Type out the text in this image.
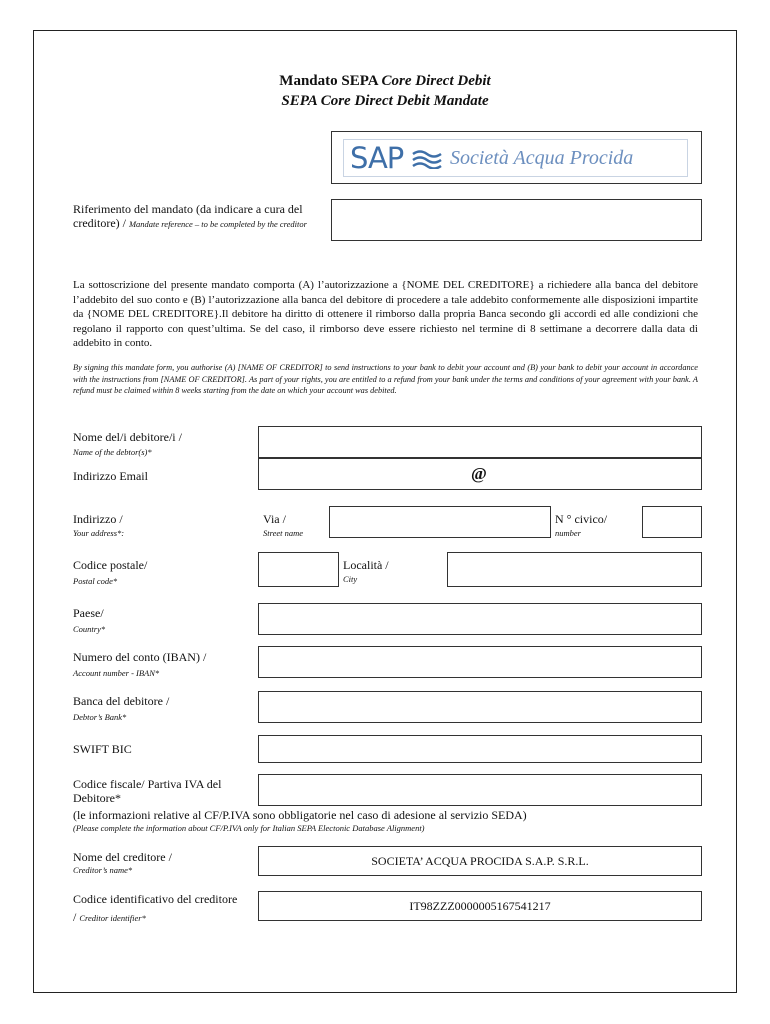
Mandato SEPA Core Direct Debit
SEPA Core Direct Debit Mandate
SAP Società Acqua Procida
Riferimento del mandato (da indicare a cura del creditore) / Mandate reference – to be completed by the creditor
La sottoscrizione del presente mandato comporta (A) l’autorizzazione a {NOME DEL CREDITORE} a richiedere alla banca del debitore l’addebito del suo conto e (B) l’autorizzazione alla banca del debitore di procedere a tale addebito conformemente alle disposizioni impartite da {NOME DEL CREDITORE}.Il debitore ha diritto di ottenere il rimborso dalla propria Banca secondo gli accordi ed alle condizioni che regolano il rapporto con quest’ultima. Se del caso, il rimborso deve essere richiesto nel termine di 8 settimane a decorrere dalla data di addebito in conto.
By signing this mandate form, you authorise (A) [NAME OF CREDITOR] to send instructions to your bank to debit your account and (B) your bank to debit your account in accordance with the instructions from [NAME OF CREDITOR]. As part of your rights, you are entitled to a refund from your bank under the terms and conditions of your agreement with your bank. A refund must be claimed within 8 weeks starting from the date on which your account was debited.
Nome del/i debitore/i /
Name of the debtor(s)*
Indirizzo Email	@
Indirizzo /
Your address*:
Via /
Street name
N ° civico/
number
Codice postale/
Postal code*
Località /
City
Paese/
Country*
Numero del conto (IBAN) /
Account number - IBAN*
Banca del debitore /
Debtor’s Bank*
SWIFT BIC
Codice fiscale/ Partiva IVA del Debitore*
(le informazioni relative al CF/P.IVA sono obbligatorie nel caso di adesione al servizio SEDA)
(Please complete the information about CF/P.IVA only for Italian SEPA Electonic Database Alignment)
Nome del creditore /
Creditor’s name*
SOCIETA’ ACQUA PROCIDA S.A.P. S.R.L.
Codice identificativo del creditore
/ Creditor identifier*
IT98ZZZ0000005167541217
